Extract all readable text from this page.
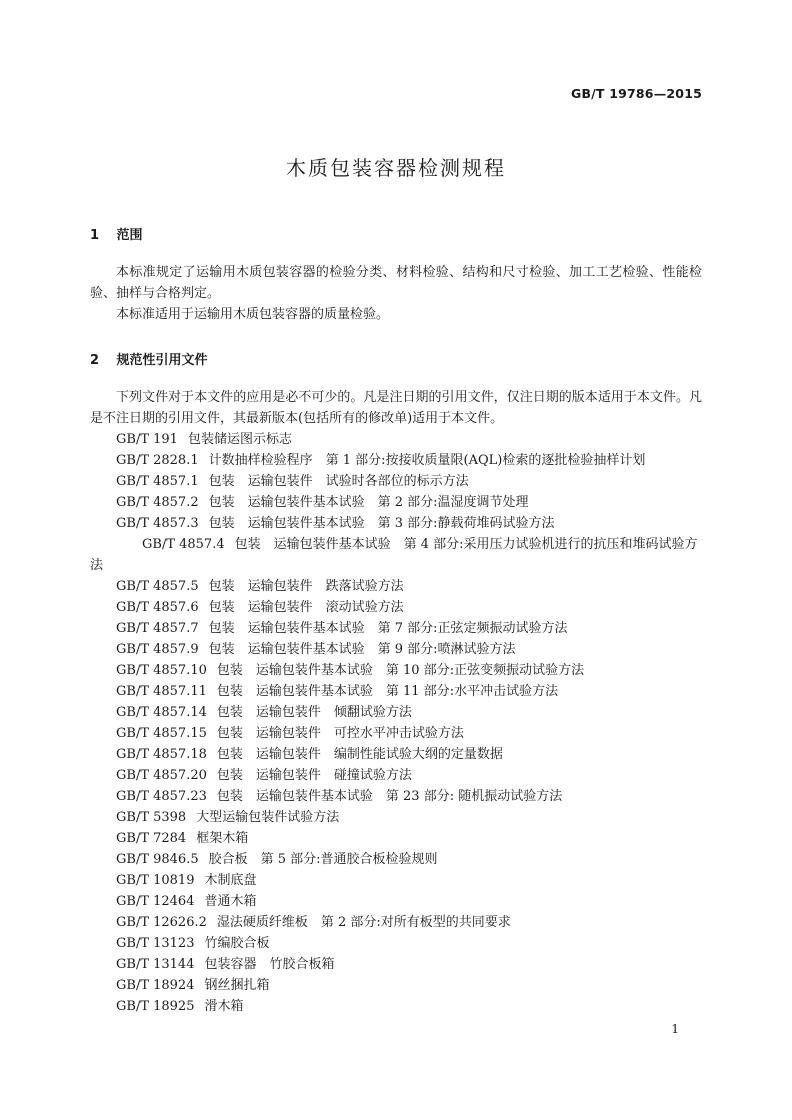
GB/T 19786—2015
木质包装容器检测规程
1 范围
本标准规定了运输用木质包装容器的检验分类、材料检验、结构和尺寸检验、加工工艺检验、性能检验、抽样与合格判定。
本标准适用于运输用木质包装容器的质量检验。
2 规范性引用文件
下列文件对于本文件的应用是必不可少的。凡是注日期的引用文件，仅注日期的版本适用于本文件。凡是不注日期的引用文件，其最新版本(包括所有的修改单)适用于本文件。
GB/T 191 包装储运图示标志
GB/T 2828.1 计数抽样检验程序　第 1 部分:按接收质量限(AQL)检索的逐批检验抽样计划
GB/T 4857.1 包装　运输包装件　试验时各部位的标示方法
GB/T 4857.2 包装　运输包装件基本试验　第 2 部分:温湿度调节处理
GB/T 4857.3 包装　运输包装件基本试验　第 3 部分:静载荷堆码试验方法
GB/T 4857.4 包装　运输包装件基本试验　第 4 部分:采用压力试验机进行的抗压和堆码试验方法
GB/T 4857.5 包装　运输包装件　跌落试验方法
GB/T 4857.6 包装　运输包装件　滚动试验方法
GB/T 4857.7 包装　运输包装件基本试验　第 7 部分:正弦定频振动试验方法
GB/T 4857.9 包装　运输包装件基本试验　第 9 部分:喷淋试验方法
GB/T 4857.10 包装　运输包装件基本试验　第 10 部分:正弦变频振动试验方法
GB/T 4857.11 包装　运输包装件基本试验　第 11 部分:水平冲击试验方法
GB/T 4857.14 包装　运输包装件　倾翻试验方法
GB/T 4857.15 包装　运输包装件　可控水平冲击试验方法
GB/T 4857.18 包装　运输包装件　编制性能试验大纲的定量数据
GB/T 4857.20 包装　运输包装件　碰撞试验方法
GB/T 4857.23 包装　运输包装件基本试验　第 23 部分: 随机振动试验方法
GB/T 5398 大型运输包装件试验方法
GB/T 7284 框架木箱
GB/T 9846.5 胶合板　第 5 部分:普通胶合板检验规则
GB/T 10819 木制底盘
GB/T 12464 普通木箱
GB/T 12626.2 湿法硬质纤维板　第 2 部分:对所有板型的共同要求
GB/T 13123 竹编胶合板
GB/T 13144 包装容器　竹胶合板箱
GB/T 18924 钢丝捆扎箱
GB/T 18925 滑木箱
1
